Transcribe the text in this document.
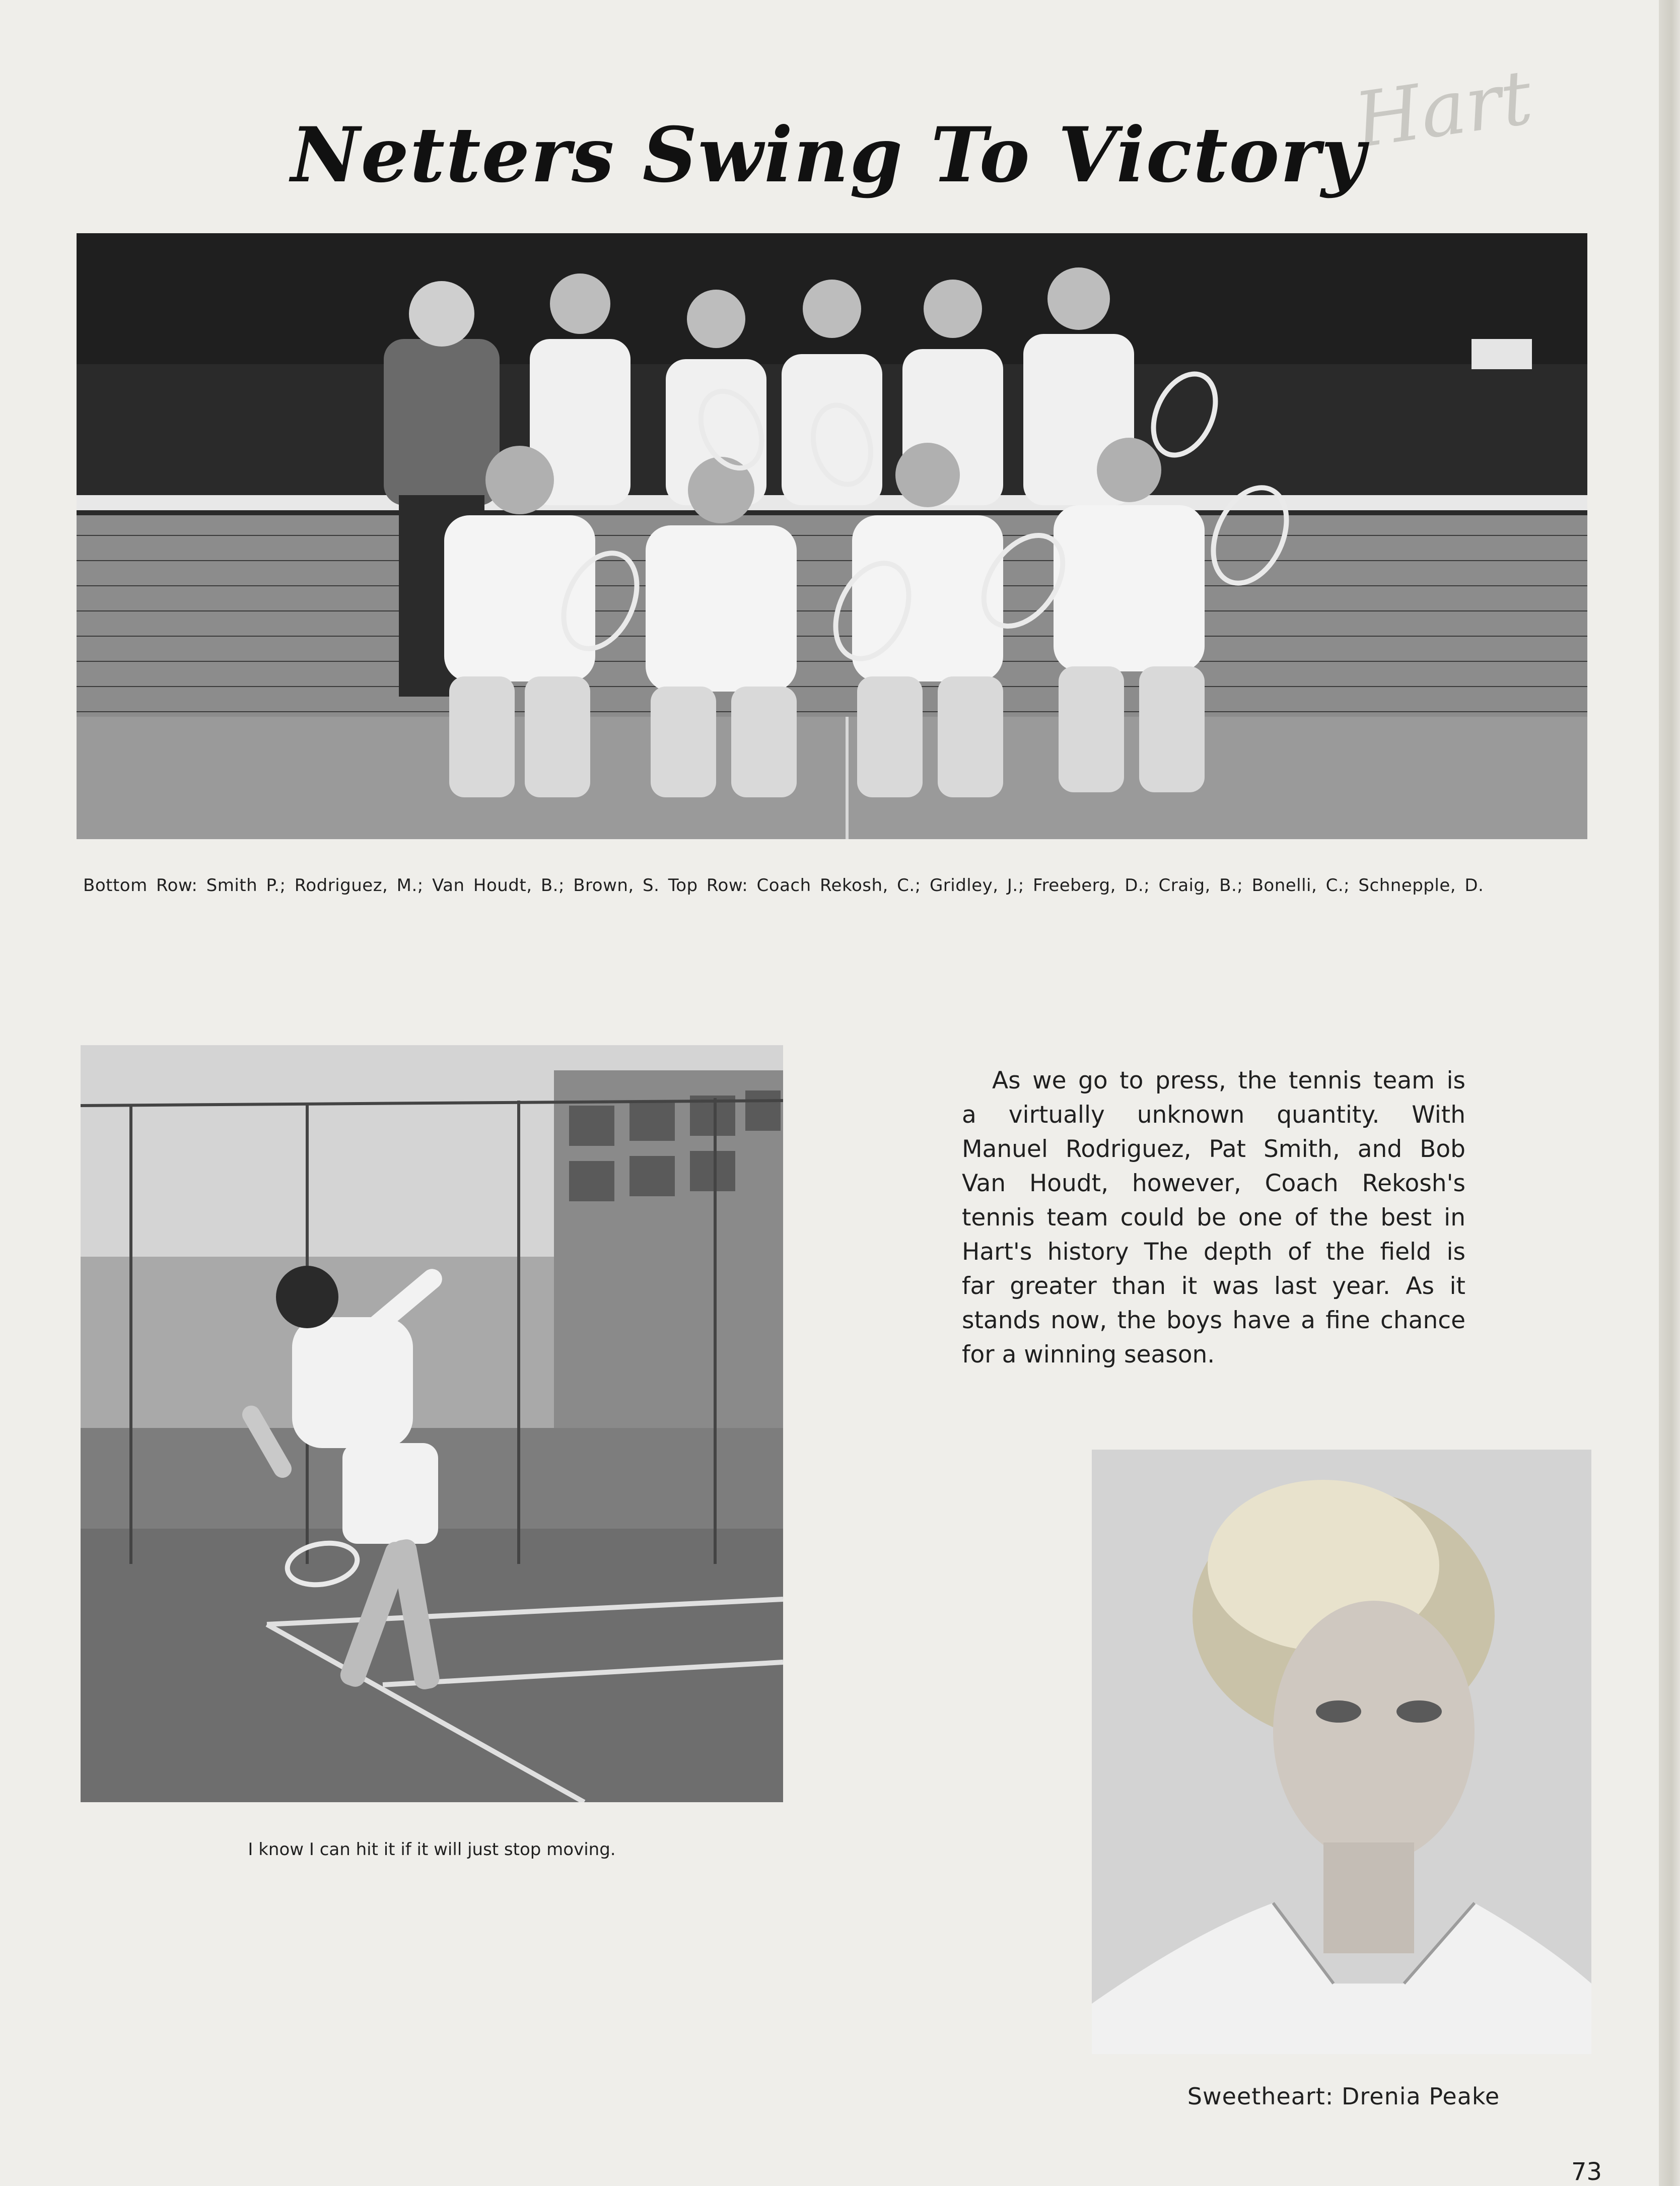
Hart
Netters Swing To Victory
Bottom Row: Smith P.; Rodriguez, M.; Van Houdt, B.; Brown, S. Top Row: Coach Rekosh, C.; Gridley, J.; Freeberg, D.; Craig, B.; Bonelli, C.; Schnepple, D.
I know I can hit it if it will just stop moving.
As we go to press, the tennis team is
a virtually unknown quantity. With
Manuel Rodriguez, Pat Smith, and Bob
Van Houdt, however, Coach Rekosh's
tennis team could be one of the best in
Hart's history The depth of the field is
far greater than it was last year. As it
stands now, the boys have a fine chance
for a winning season.
Sweetheart: Drenia Peake
73
